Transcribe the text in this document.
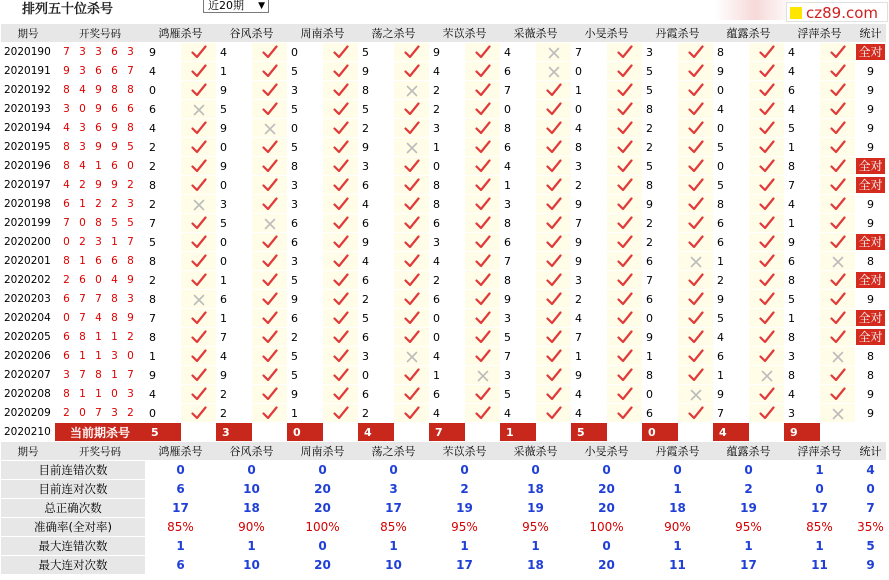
排列五十位杀号	近20期 ▼	cz89.com
期号	开奖号码	鸿雁杀号		谷风杀号		周南杀号		荡之杀号		芣苡杀号		采薇杀号		小旻杀号		丹霞杀号		蕴露杀号		浮萍杀号		统计
2020190	7 3 3 6 3	9		4		0		5		9		4		7		3		8		4		全对
2020191	9 3 6 6 7	4		1		5		9		4		6		0		5		9		4		9
2020192	8 4 9 8 8	0		9		3		8		2		7		1		5		0		6		9
2020193	3 0 9 6 6	6		5		5		5		2		0		0		8		4		4		9
2020194	4 3 6 9 8	4		9		0		2		3		8		4		2		0		5		9
2020195	8 3 9 9 5	2		0		5		9		1		6		8		2		5		1		9
2020196	8 4 1 6 0	2		9		8		3		0		4		3		5		0		8		全对
2020197	4 2 9 9 2	8		0		3		6		8		1		2		8		5		7		全对
2020198	6 1 2 2 3	2		3		3		4		8		3		9		9		8		4		9
2020199	7 0 8 5 5	7		5		6		6		6		8		7		2		6		1		9
2020200	0 2 3 1 7	5		0		6		9		3		6		9		2		6		9		全对
2020201	8 1 6 6 8	8		0		3		4		4		7		9		6		1		6		8
2020202	2 6 0 4 9	2		1		5		6		2		8		3		7		2		8		全对
2020203	6 7 7 8 3	8		6		9		2		6		9		2		6		9		5		9
2020204	0 7 4 8 9	7		1		6		5		0		3		4		0		5		1		全对
2020205	6 8 1 1 2	8		7		2		6		0		5		7		9		4		8		全对
2020206	6 1 1 3 0	1		4		5		3		4		7		1		1		6		3		8
2020207	3 7 8 1 7	9		9		5		0		1		3		9		8		1		8		8
2020208	8 1 1 0 3	4		2		9		6		6		5		4		0		9		4		9
2020209	2 0 7 3 2	0		2		1		2		4		4		4		6		7		3		9
2020210	当前期杀号	5		3		0		4		7		1		5		0		4		9		
期号	开奖号码	鸿雁杀号		谷风杀号		周南杀号		荡之杀号		芣苡杀号		采薇杀号		小旻杀号		丹霞杀号		蕴露杀号		浮萍杀号		统计
目前连错次数		0		0		0		0		0		0		0		0		0		1		4
目前连对次数		6		10		20		3		2		18		20		1		2		0		0
总正确次数		17		18		20		17		19		19		20		18		19		17		7
准确率(全对率)		85%		90%		100%		85%		95%		95%		100%		90%		95%		85%		35%
最大连错次数		1		1		0		1		1		1		0		1		1		1		5
最大连对次数		6		10		20		10		17		18		20		11		17		11		9
